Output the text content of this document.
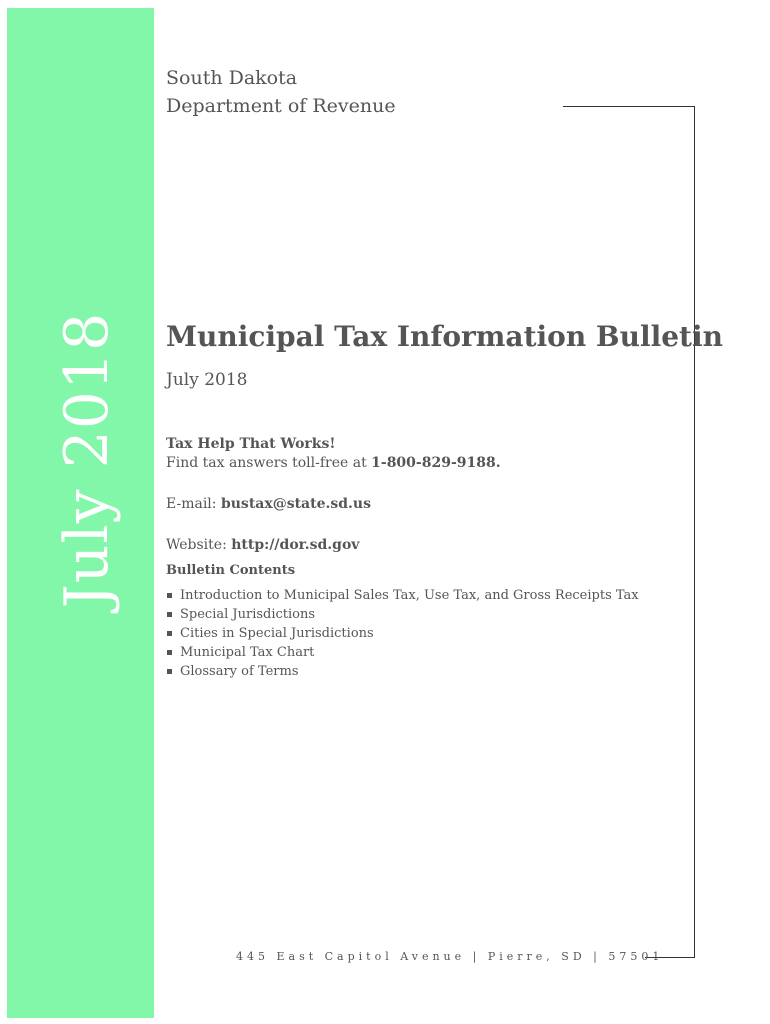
July 2018
South Dakota
Department of Revenue
Municipal Tax Information Bulletin
July 2018
Tax Help That Works!
Find tax answers toll-free at 1-800-829-9188.
E-mail: bustax@state.sd.us
Website: http://dor.sd.gov
Bulletin Contents
Introduction to Municipal Sales Tax, Use Tax, and Gross Receipts Tax
Special Jurisdictions
Cities in Special Jurisdictions
Municipal Tax Chart
Glossary of Terms
445 East Capitol Avenue | Pierre, SD | 57501
